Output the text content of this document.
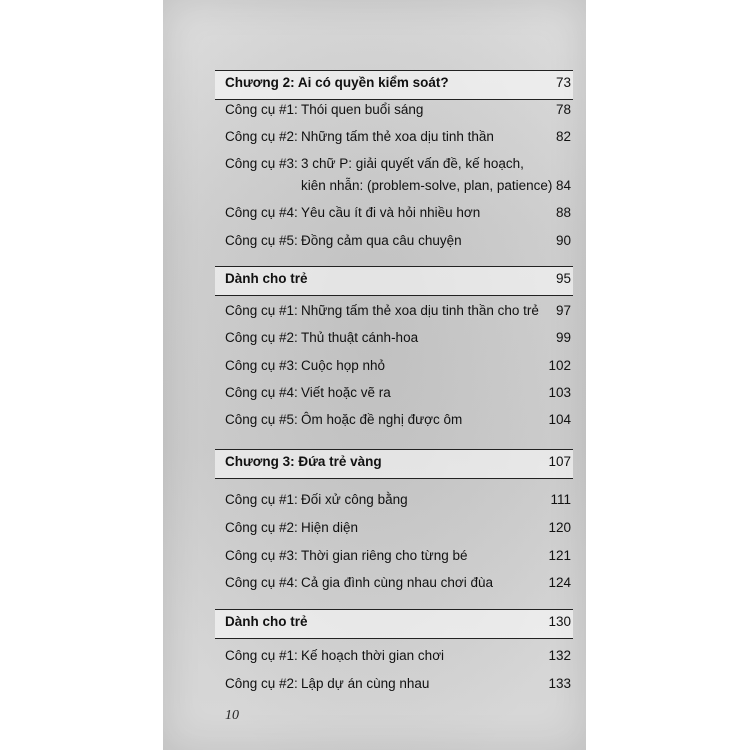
Chương 2: Ai có quyền kiểm soát?	73
Công cụ #1: Thói quen buổi sáng	78
Công cụ #2: Những tấm thẻ xoa dịu tinh thần	82
Công cụ #3: 3 chữ P: giải quyết vấn đề, kế hoạch,
kiên nhẫn: (problem-solve, plan, patience) 84
Công cụ #4: Yêu cầu ít đi và hỏi nhiều hơn	88
Công cụ #5: Đồng cảm qua câu chuyện	90
Dành cho trẻ	95
Công cụ #1: Những tấm thẻ xoa dịu tinh thần cho trẻ 97
Công cụ #2: Thủ thuật cánh-hoa	99
Công cụ #3: Cuộc họp nhỏ	102
Công cụ #4: Viết hoặc vẽ ra	103
Công cụ #5: Ôm hoặc đề nghị được ôm	104
Chương 3: Đứa trẻ vàng	107
Công cụ #1: Đối xử công bằng	111
Công cụ #2: Hiện diện	120
Công cụ #3: Thời gian riêng cho từng bé	121
Công cụ #4: Cả gia đình cùng nhau chơi đùa	124
Dành cho trẻ	130
Công cụ #1: Kế hoạch thời gian chơi	132
Công cụ #2: Lập dự án cùng nhau	133
10
